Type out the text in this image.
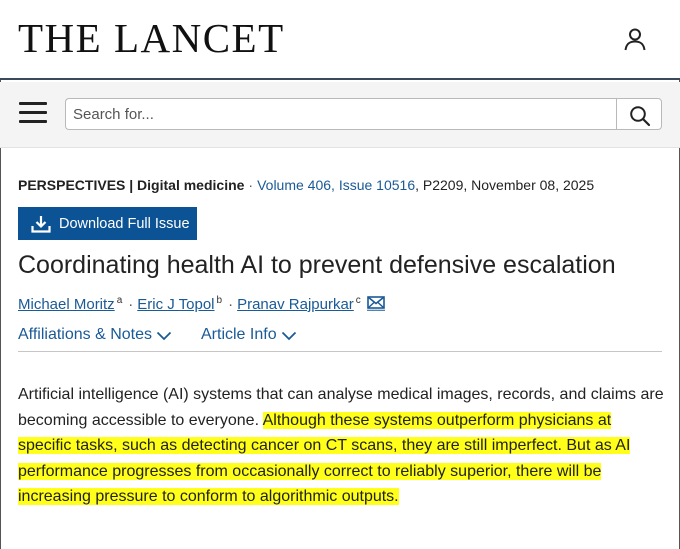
THE LANCET
Search for...
PERSPECTIVES | Digital medicine · Volume 406, Issue 10516, P2209, November 08, 2025
Download Full Issue
Coordinating health AI to prevent defensive escalation
Michael Moritz $^a$ · Eric J Topol $^b$ · Pranav Rajpurkar $^c$
Affiliations & Notes	Article Info

Artificial intelligence (AI) systems that can analyse medical images, records, and claims are becoming accessible to everyone. Although these systems outperform physicians at specific tasks, such as detecting cancer on CT scans, they are still imperfect. But as AI performance progresses from occasionally correct to reliably superior, there will be increasing pressure to conform to algorithmic outputs.
